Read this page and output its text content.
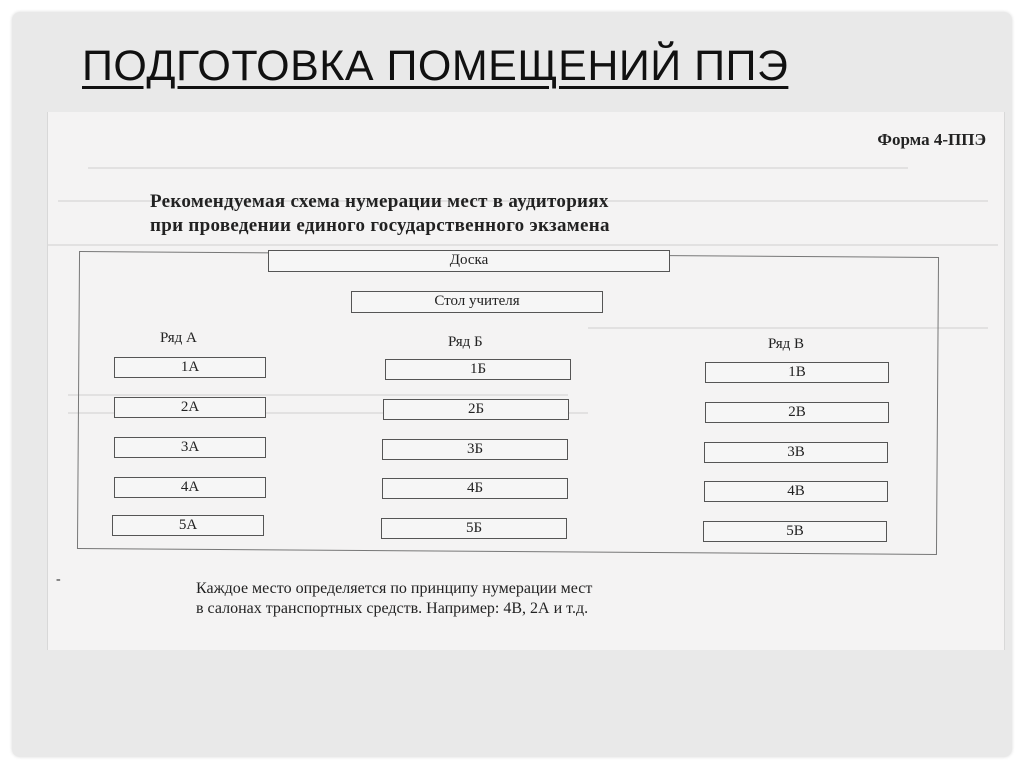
ПОДГОТОВКА ПОМЕЩЕНИЙ ППЭ
Форма 4-ППЭ
Рекомендуемая схема нумерации мест в аудиториях
при проведении единого государственного экзамена
Доска
Стол учителя
Ряд А	Ряд Б	Ряд В
1А
2А
3А
4А
5А
1Б
2Б
3Б
4Б
5Б
1В
2В
3В
4В
5В
-
Каждое место определяется по принципу нумерации мест
в салонах транспортных средств. Например: 4В, 2А и т.д.
